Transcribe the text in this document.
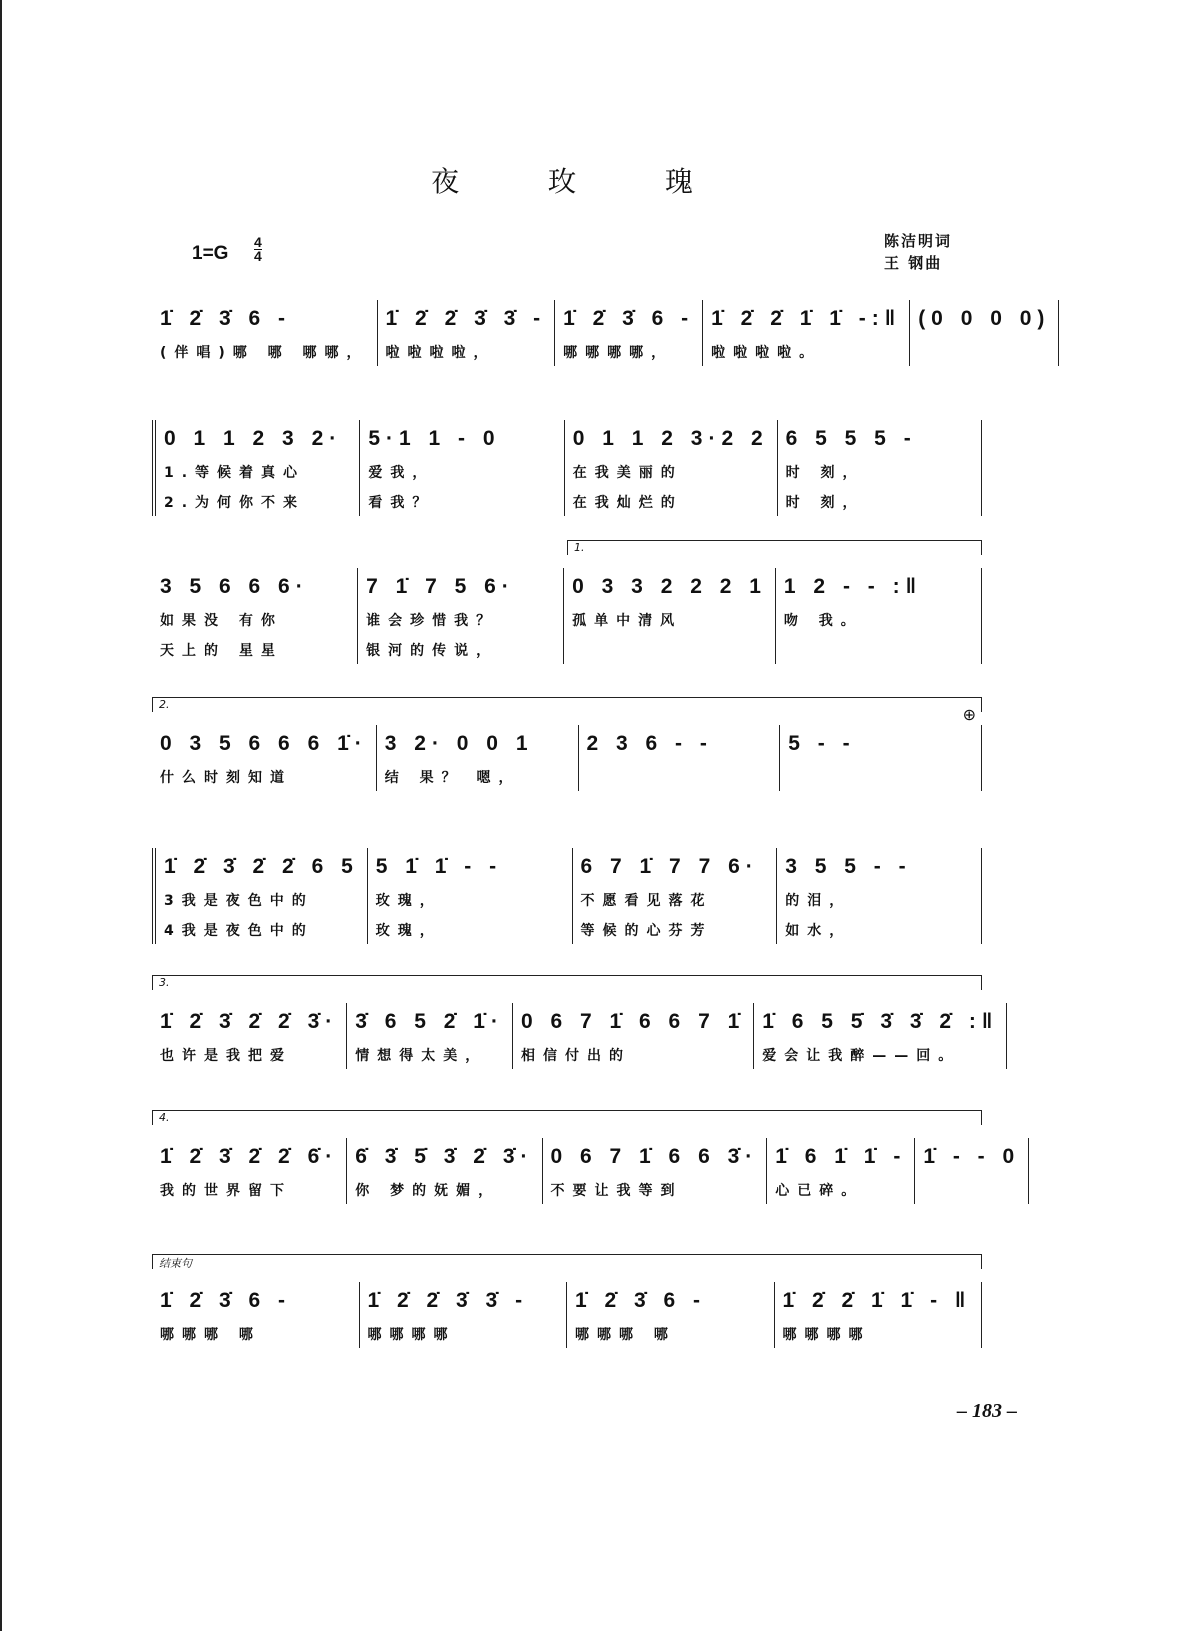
夜 玫 瑰
1=G
4
4
陈洁明词
王 钢曲
1̇ 2̇ 3̇ 6 -
(伴唱)哪 哪 哪哪，
1̇ 2̇ 2̇ 3̇ 3̇ -
啦啦啦啦，
1̇ 2̇ 3̇ 6 -
哪哪哪哪，
1̇ 2̇ 2̇ 1̇ 1̇ -:‖
啦啦啦啦。
(0 0 0 0)
0 1 1 2 3 2·
1.等候着真心
2.为何你不来
5·1 1 - 0
爱我，
看我？
0 1 1 2 3·2 2
在我美丽的
在我灿烂的
6 5 5 5 -
时 刻，
时 刻，
1.
3 5 6 6 6·
如果没 有你
天上的 星星
7 1̇ 7 5 6·
谁会珍惜我？
银河的传说，
0 3 3 2 2 2 1
孤单中清风
1 2 - - :‖
吻 我。
2.
⊕
0 3 5 6 6 6 1̇·
什么时刻知道
3 2· 0 0 1
结 果？ 嗯，
2 3 6 - -	5 - -
1̇ 2̇ 3̇ 2̇ 2̇ 6 5
3我是夜色中的
4我是夜色中的
5 1̇ 1̇ - -
玫瑰，
玫瑰，
6 7 1̇ 7 7 6·
不愿看见落花
等候的心芬芳
3 5 5 - -
的泪，
如水，
3.
1̇ 2̇ 3̇ 2̇ 2̇ 3̇·
也许是我把爱
3̇ 6 5 2̇ 1̇·
情想得太美，
0 6 7 1̇ 6 6 7 1̇
相信付出的
1̇ 6 5 5̇ 3̇ 3̇ 2̇ :‖
爱会让我醉——回。
4.
1̇ 2̇ 3̇ 2̇ 2̇ 6̇·
我的世界留下
6̇ 3̇ 5̇ 3̇ 2̇ 3̇·
你 梦的妩媚，
0 6 7 1̇ 6 6 3̇·
不要让我等到
1̇ 6 1̇ 1̇ -
心已碎。
1̇ - - 0
结束句
1̇ 2̇ 3̇ 6 -
哪哪哪 哪
1̇ 2̇ 2̇ 3̇ 3̇ -
哪哪哪哪
1̇ 2̇ 3̇ 6 -
哪哪哪 哪
1̇ 2̇ 2̇ 1̇ 1̇ - ‖
哪哪哪哪
– 183 –
